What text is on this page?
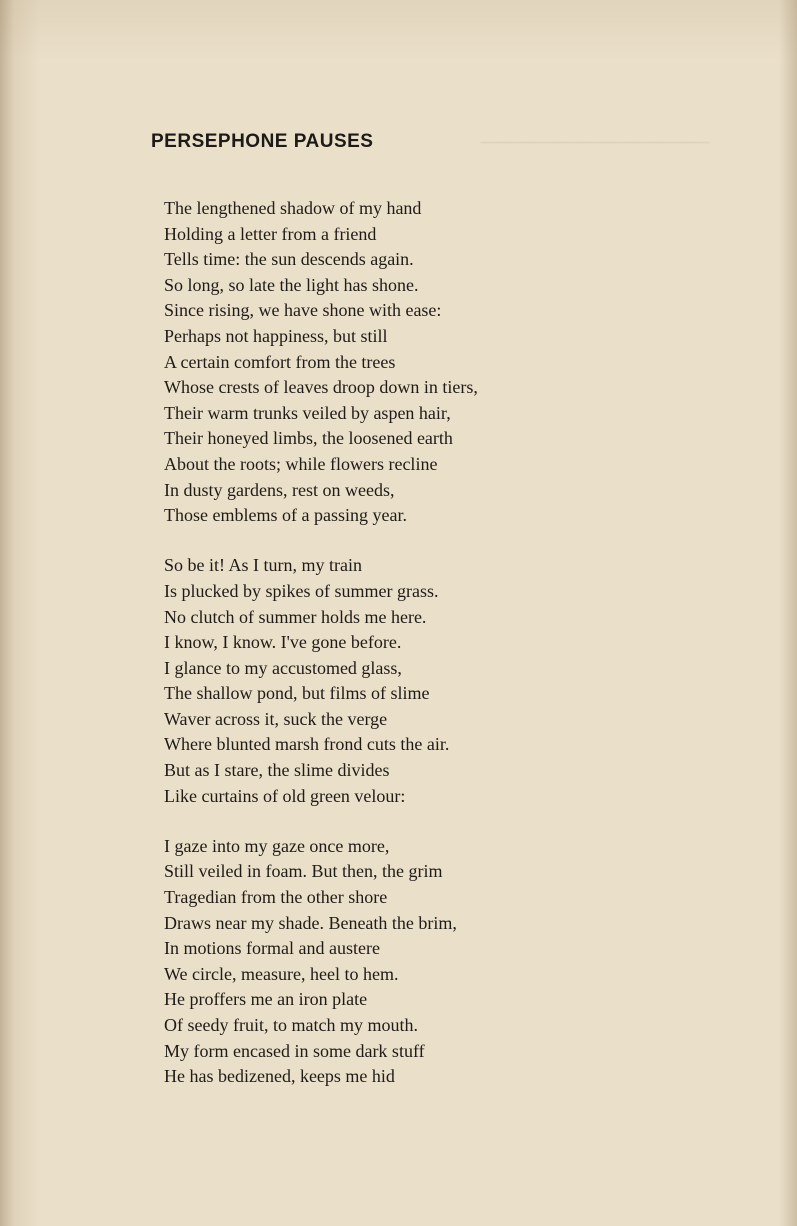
──────────────────
PERSEPHONE PAUSES
The lengthened shadow of my hand
Holding a letter from a friend
Tells time: the sun descends again.
So long, so late the light has shone.
Since rising, we have shone with ease:
Perhaps not happiness, but still
A certain comfort from the trees
Whose crests of leaves droop down in tiers,
Their warm trunks veiled by aspen hair,
Their honeyed limbs, the loosened earth
About the roots; while flowers recline
In dusty gardens, rest on weeds,
Those emblems of a passing year.
So be it! As I turn, my train
Is plucked by spikes of summer grass.
No clutch of summer holds me here.
I know, I know. I've gone before.
I glance to my accustomed glass,
The shallow pond, but films of slime
Waver across it, suck the verge
Where blunted marsh frond cuts the air.
But as I stare, the slime divides
Like curtains of old green velour:
I gaze into my gaze once more,
Still veiled in foam. But then, the grim
Tragedian from the other shore
Draws near my shade. Beneath the brim,
In motions formal and austere
We circle, measure, heel to hem.
He proffers me an iron plate
Of seedy fruit, to match my mouth.
My form encased in some dark stuff
He has bedizened, keeps me hid
